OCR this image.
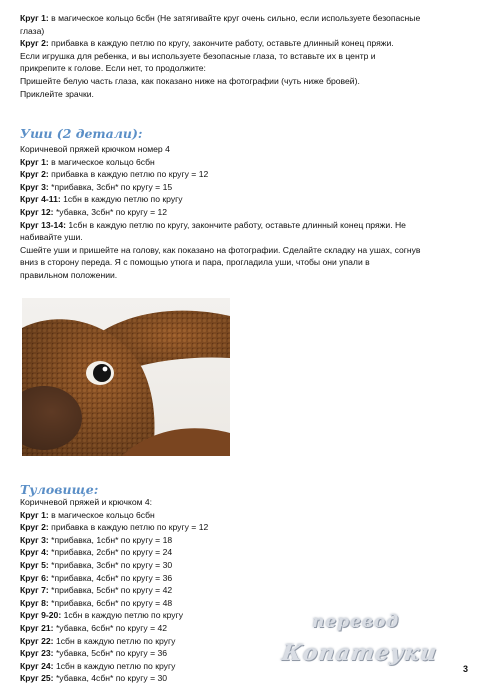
Круг 1: в магическое кольцо 6сбн (Не затягивайте круг очень сильно, если используете безопасные

глаза)

Круг 2: прибавка в каждую петлю по кругу, закончите работу, оставьте длинный конец пряжи.

Если игрушка для ребенка, и вы используете безопасные глаза, то вставьте их в центр и

прикрепите к голове. Если нет, то продолжите:

Пришейте белую часть глаза, как показано ниже на фотографии (чуть ниже бровей).

Приклейте зрачки.

Уши (2 детали):

Коричневой пряжей крючком номер 4

Круг 1: в магическое кольцо 6сбн

Круг 2: прибавка в каждую петлю по кругу = 12

Круг 3: *прибавка, 3сбн* по кругу = 15

Круг 4-11: 1сбн в каждую петлю по кругу

Круг 12: *убавка, 3сбн* по кругу = 12

Круг 13-14: 1сбн в каждую петлю по кругу, закончите работу, оставьте длинный конец пряжи. Не

набивайте уши.

Сшейте уши и пришейте на голову, как показано на фотографии. Сделайте складку на ушах, согнув

вниз в сторону переда. Я с помощью утюга и пара, прогладила уши, чтобы они упали в

правильном положении.

Туловище:

Коричневой пряжей и крючком 4:

Круг 1: в магическое кольцо 6сбн

Круг 2: прибавка в каждую петлю по кругу = 12

Круг 3: *прибавка, 1сбн* по кругу = 18

Круг 4: *прибавка, 2сбн* по кругу = 24

Круг 5: *прибавка, 3сбн* по кругу = 30

Круг 6: *прибавка, 4сбн* по кругу = 36

Круг 7: *прибавка, 5сбн* по кругу = 42

Круг 8: *прибавка, 6сбн* по кругу = 48

Круг 9-20: 1сбн в каждую петлю по кругу

Круг 21: *убавка, 6сбн* по кругу = 42

Круг 22: 1сбн в каждую петлю по кругу

Круг 23: *убавка, 5сбн* по кругу = 36

Круг 24: 1сбн в каждую петлю по кругу

Круг 25: *убавка, 4сбн* по кругу = 30

перевод
Копатеуки
3
